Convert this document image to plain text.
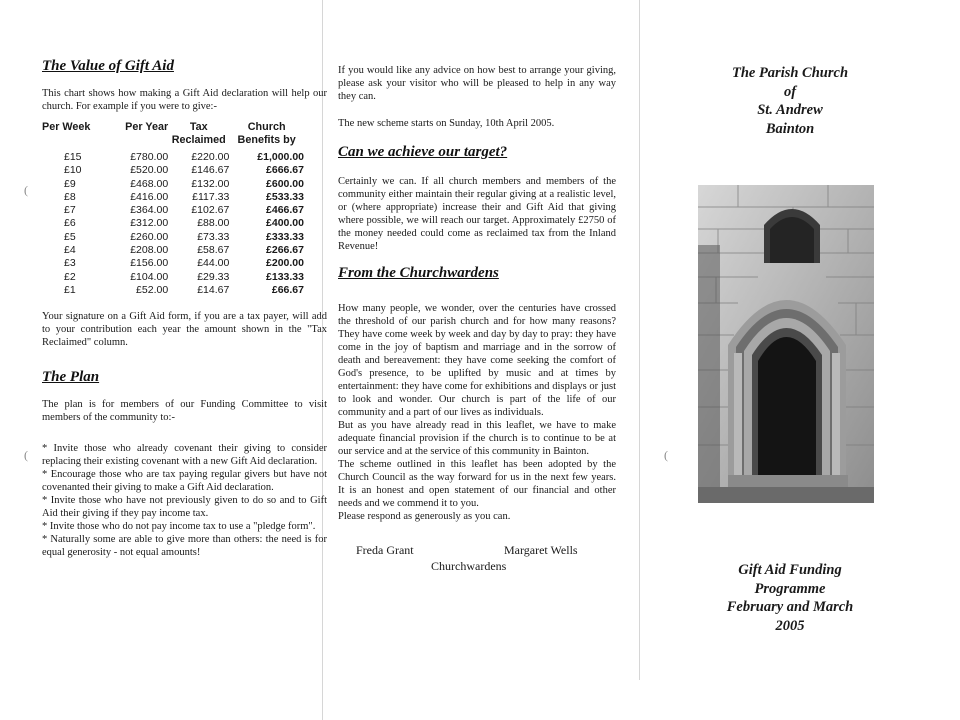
(
(	(
The Value of Gift Aid

This chart shows how making a Gift Aid declaration will help our church. For example if you were to give:-

Per Week	Per Year	Tax Reclaimed	Church Benefits by

£15	£780.00	£220.00	£1,000.00
£10	£520.00	£146.67	£666.67
£9	£468.00	£132.00	£600.00
£8	£416.00	£117.33	£533.33
£7	£364.00	£102.67	£466.67
£6	£312.00	£88.00	£400.00
£5	£260.00	£73.33	£333.33
£4	£208.00	£58.67	£266.67
£3	£156.00	£44.00	£200.00
£2	£104.00	£29.33	£133.33
£1	£52.00	£14.67	£66.67

Your signature on a Gift Aid form, if you are a tax payer, will add to your contribution each year the amount shown in the "Tax Reclaimed" column.

The Plan

The plan is for members of our Funding Committee to visit members of the community to:-

* Invite those who already covenant their giving to consider replacing their existing covenant with a new Gift Aid declaration.

* Encourage those who are tax paying regular givers but have not covenanted their giving to make a Gift Aid declaration.

* Invite those who have not previously given to do so and to Gift Aid their giving if they pay income tax.

* Invite those who do not pay income tax to use a "pledge form".

* Naturally some are able to give more than others: the need is for equal generosity - not equal amounts!

If you would like any advice on how best to arrange your giving, please ask your visitor who will be pleased to help in any way they can.

The new scheme starts on Sunday, 10th April 2005.

Can we achieve our target?

Certainly we can. If all church members and members of the community either maintain their regular giving at a realistic level, or (where appropriate) increase their and Gift Aid that giving where possible, we will reach our target. Approximately £2750 of the money needed could come as reclaimed tax from the Inland Revenue!

From the Churchwardens

How many people, we wonder, over the centuries have crossed the threshold of our parish church and for how many reasons? They have come week by week and day by day to pray: they have come in the joy of baptism and marriage and in the sorrow of death and bereavement: they have come seeking the comfort of God's presence, to be uplifted by music and at times by entertainment: they have come for exhibitions and displays or just to look and wonder. Our church is part of the life of our community and a part of our lives as individuals.

But as you have already read in this leaflet, we have to make adequate financial provision if the church is to continue to be at our service and at the service of this community in Bainton.

The scheme outlined in this leaflet has been adopted by the Church Council as the way forward for us in the next few years. It is an honest and open statement of our financial and other needs and we commend it to you.

Please respond as generously as you can.

Freda Grant	Margaret Wells
Churchwardens
The Parish Church
of
St. Andrew
Bainton
Gift Aid Funding
Programme
February and March
2005
